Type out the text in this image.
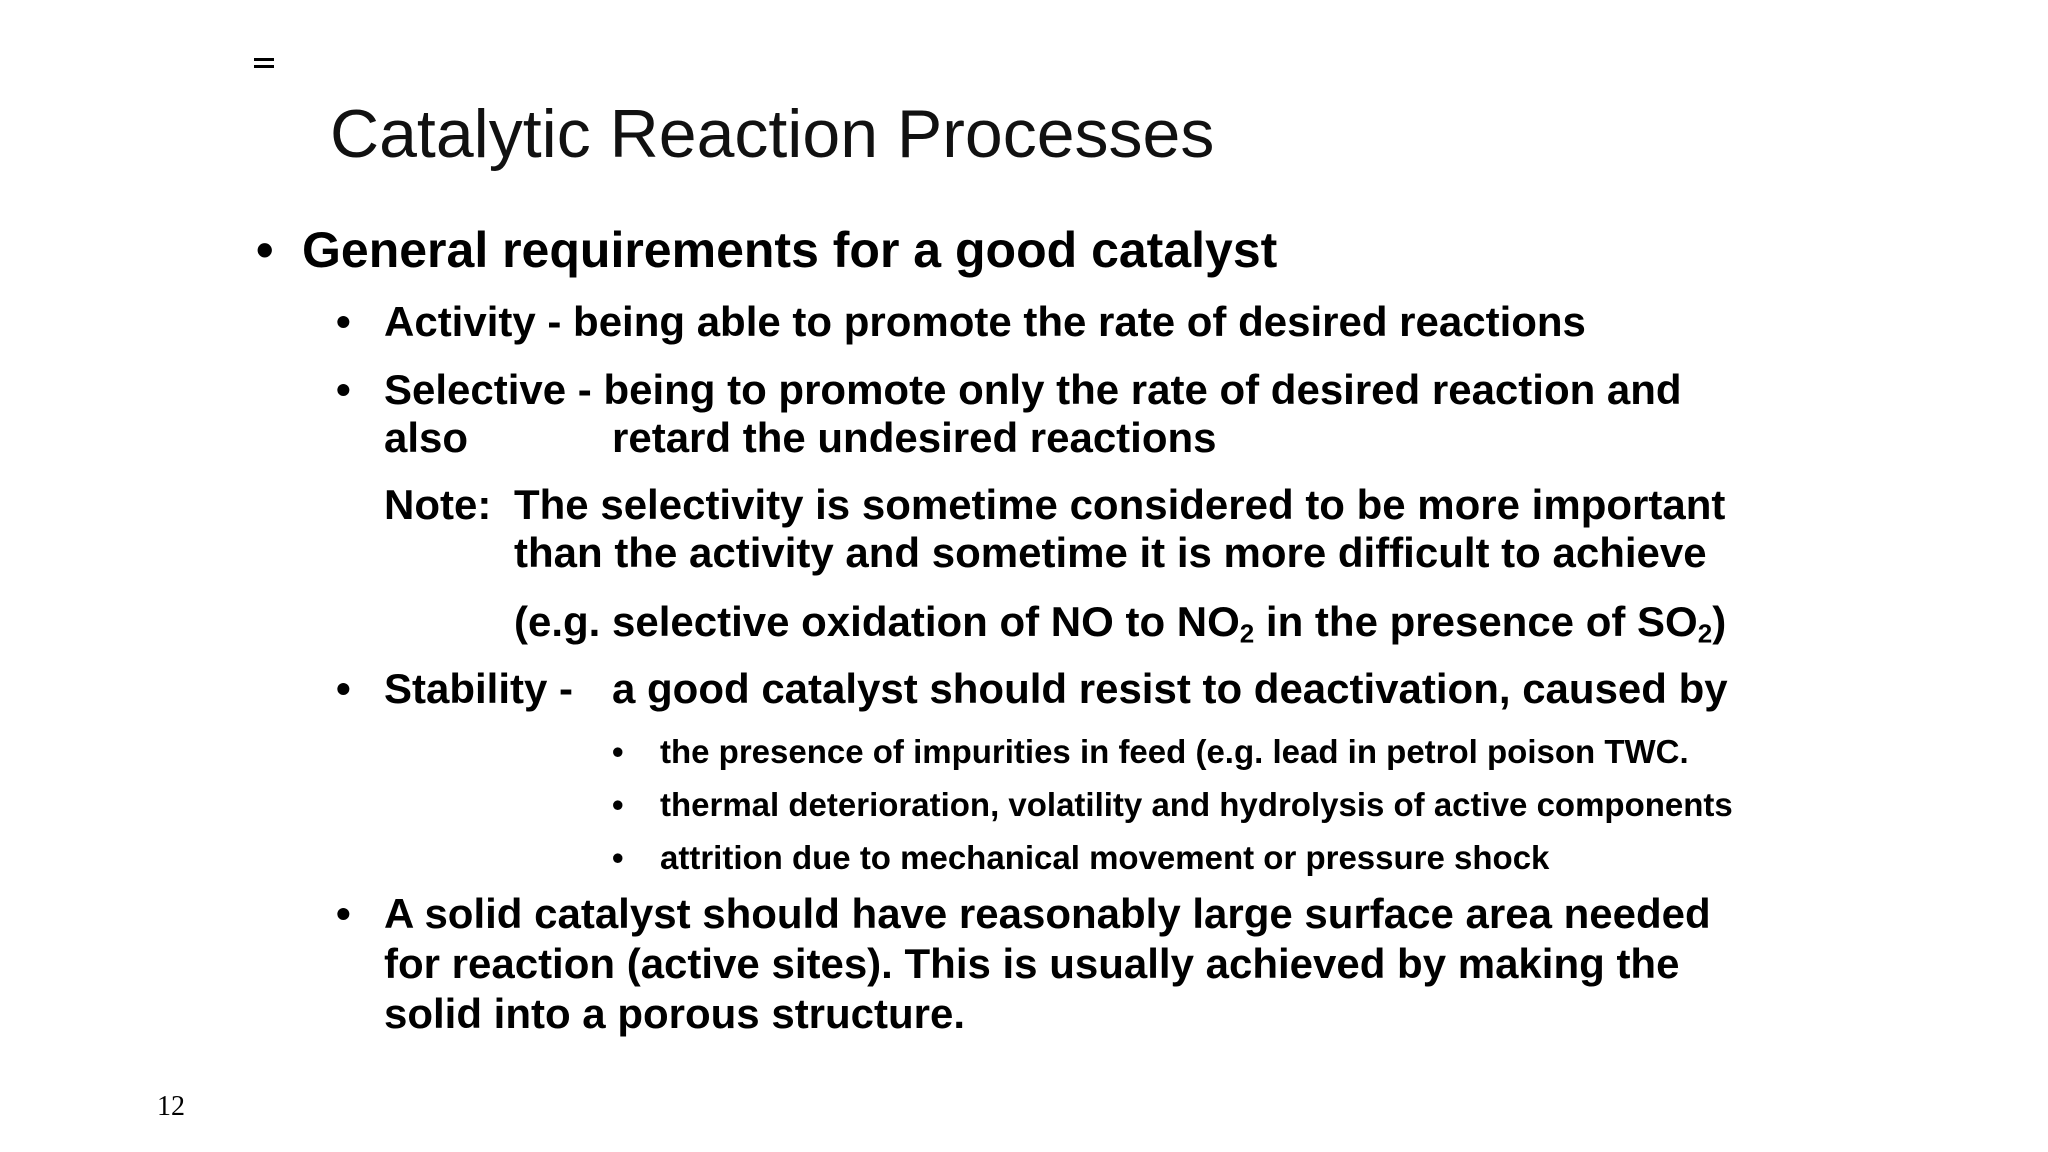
Catalytic Reaction Processes
• General requirements for a good catalyst
• Activity - being able to promote the rate of desired reactions
• Selective - being to promote only the rate of desired reaction and
also	retard the undesired reactions
Note: The selectivity is sometime considered to be more important
than the activity and sometime it is more difficult to achieve
(e.g. selective oxidation of NO to $NO_2$ in the presence of $SO_2$)
• Stability - a good catalyst should resist to deactivation, caused by
• the presence of impurities in feed (e.g. lead in petrol poison TWC.
• thermal deterioration, volatility and hydrolysis of active components
• attrition due to mechanical movement or pressure shock
• A solid catalyst should have reasonably large surface area needed
for reaction (active sites). This is usually achieved by making the
solid into a porous structure.
12
